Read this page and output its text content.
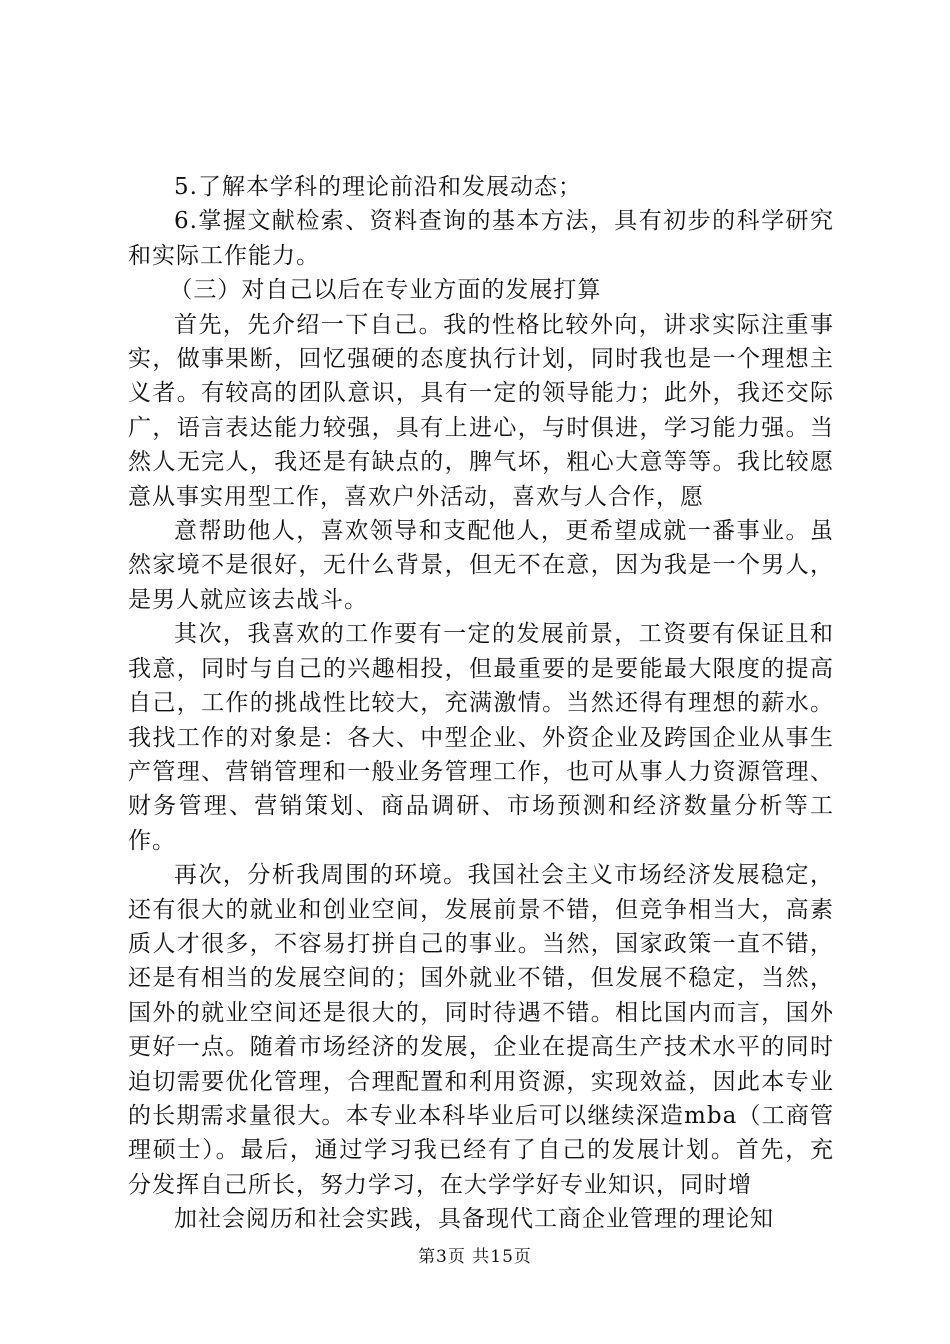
5.了解本学科的理论前沿和发展动态；

6.掌握文献检索、资料查询的基本方法，具有初步的科学研究和实际工作能力。

（三）对自己以后在专业方面的发展打算

首先，先介绍一下自己。我的性格比较外向，讲求实际注重事实，做事果断，回忆强硬的态度执行计划，同时我也是一个理想主义者。有较高的团队意识，具有一定的领导能力；此外，我还交际广，语言表达能力较强，具有上进心，与时俱进，学习能力强。当然人无完人，我还是有缺点的，脾气坏，粗心大意等等。我比较愿意从事实用型工作，喜欢户外活动，喜欢与人合作，愿

意帮助他人，喜欢领导和支配他人，更希望成就一番事业。虽然家境不是很好，无什么背景，但无不在意，因为我是一个男人，是男人就应该去战斗。

其次，我喜欢的工作要有一定的发展前景，工资要有保证且和我意，同时与自己的兴趣相投，但最重要的是要能最大限度的提高自己，工作的挑战性比较大，充满激情。当然还得有理想的薪水。我找工作的对象是：各大、中型企业、外资企业及跨国企业从事生产管理、营销管理和一般业务管理工作，也可从事人力资源管理、财务管理、营销策划、商品调研、市场预测和经济数量分析等工作。

再次，分析我周围的环境。我国社会主义市场经济发展稳定，还有很大的就业和创业空间，发展前景不错，但竞争相当大，高素质人才很多，不容易打拼自己的事业。当然，国家政策一直不错，还是有相当的发展空间的；国外就业不错，但发展不稳定，当然，国外的就业空间还是很大的，同时待遇不错。相比国内而言，国外更好一点。随着市场经济的发展，企业在提高生产技术水平的同时迫切需要优化管理，合理配置和利用资源，实现效益，因此本专业的长期需求量很大。本专业本科毕业后可以继续深造mba（工商管理硕士）。最后，通过学习我已经有了自己的发展计划。首先，充分发挥自己所长，努力学习，在大学学好专业知识，同时增

加社会阅历和社会实践，具备现代工商企业管理的理论知

第3页 共15页
